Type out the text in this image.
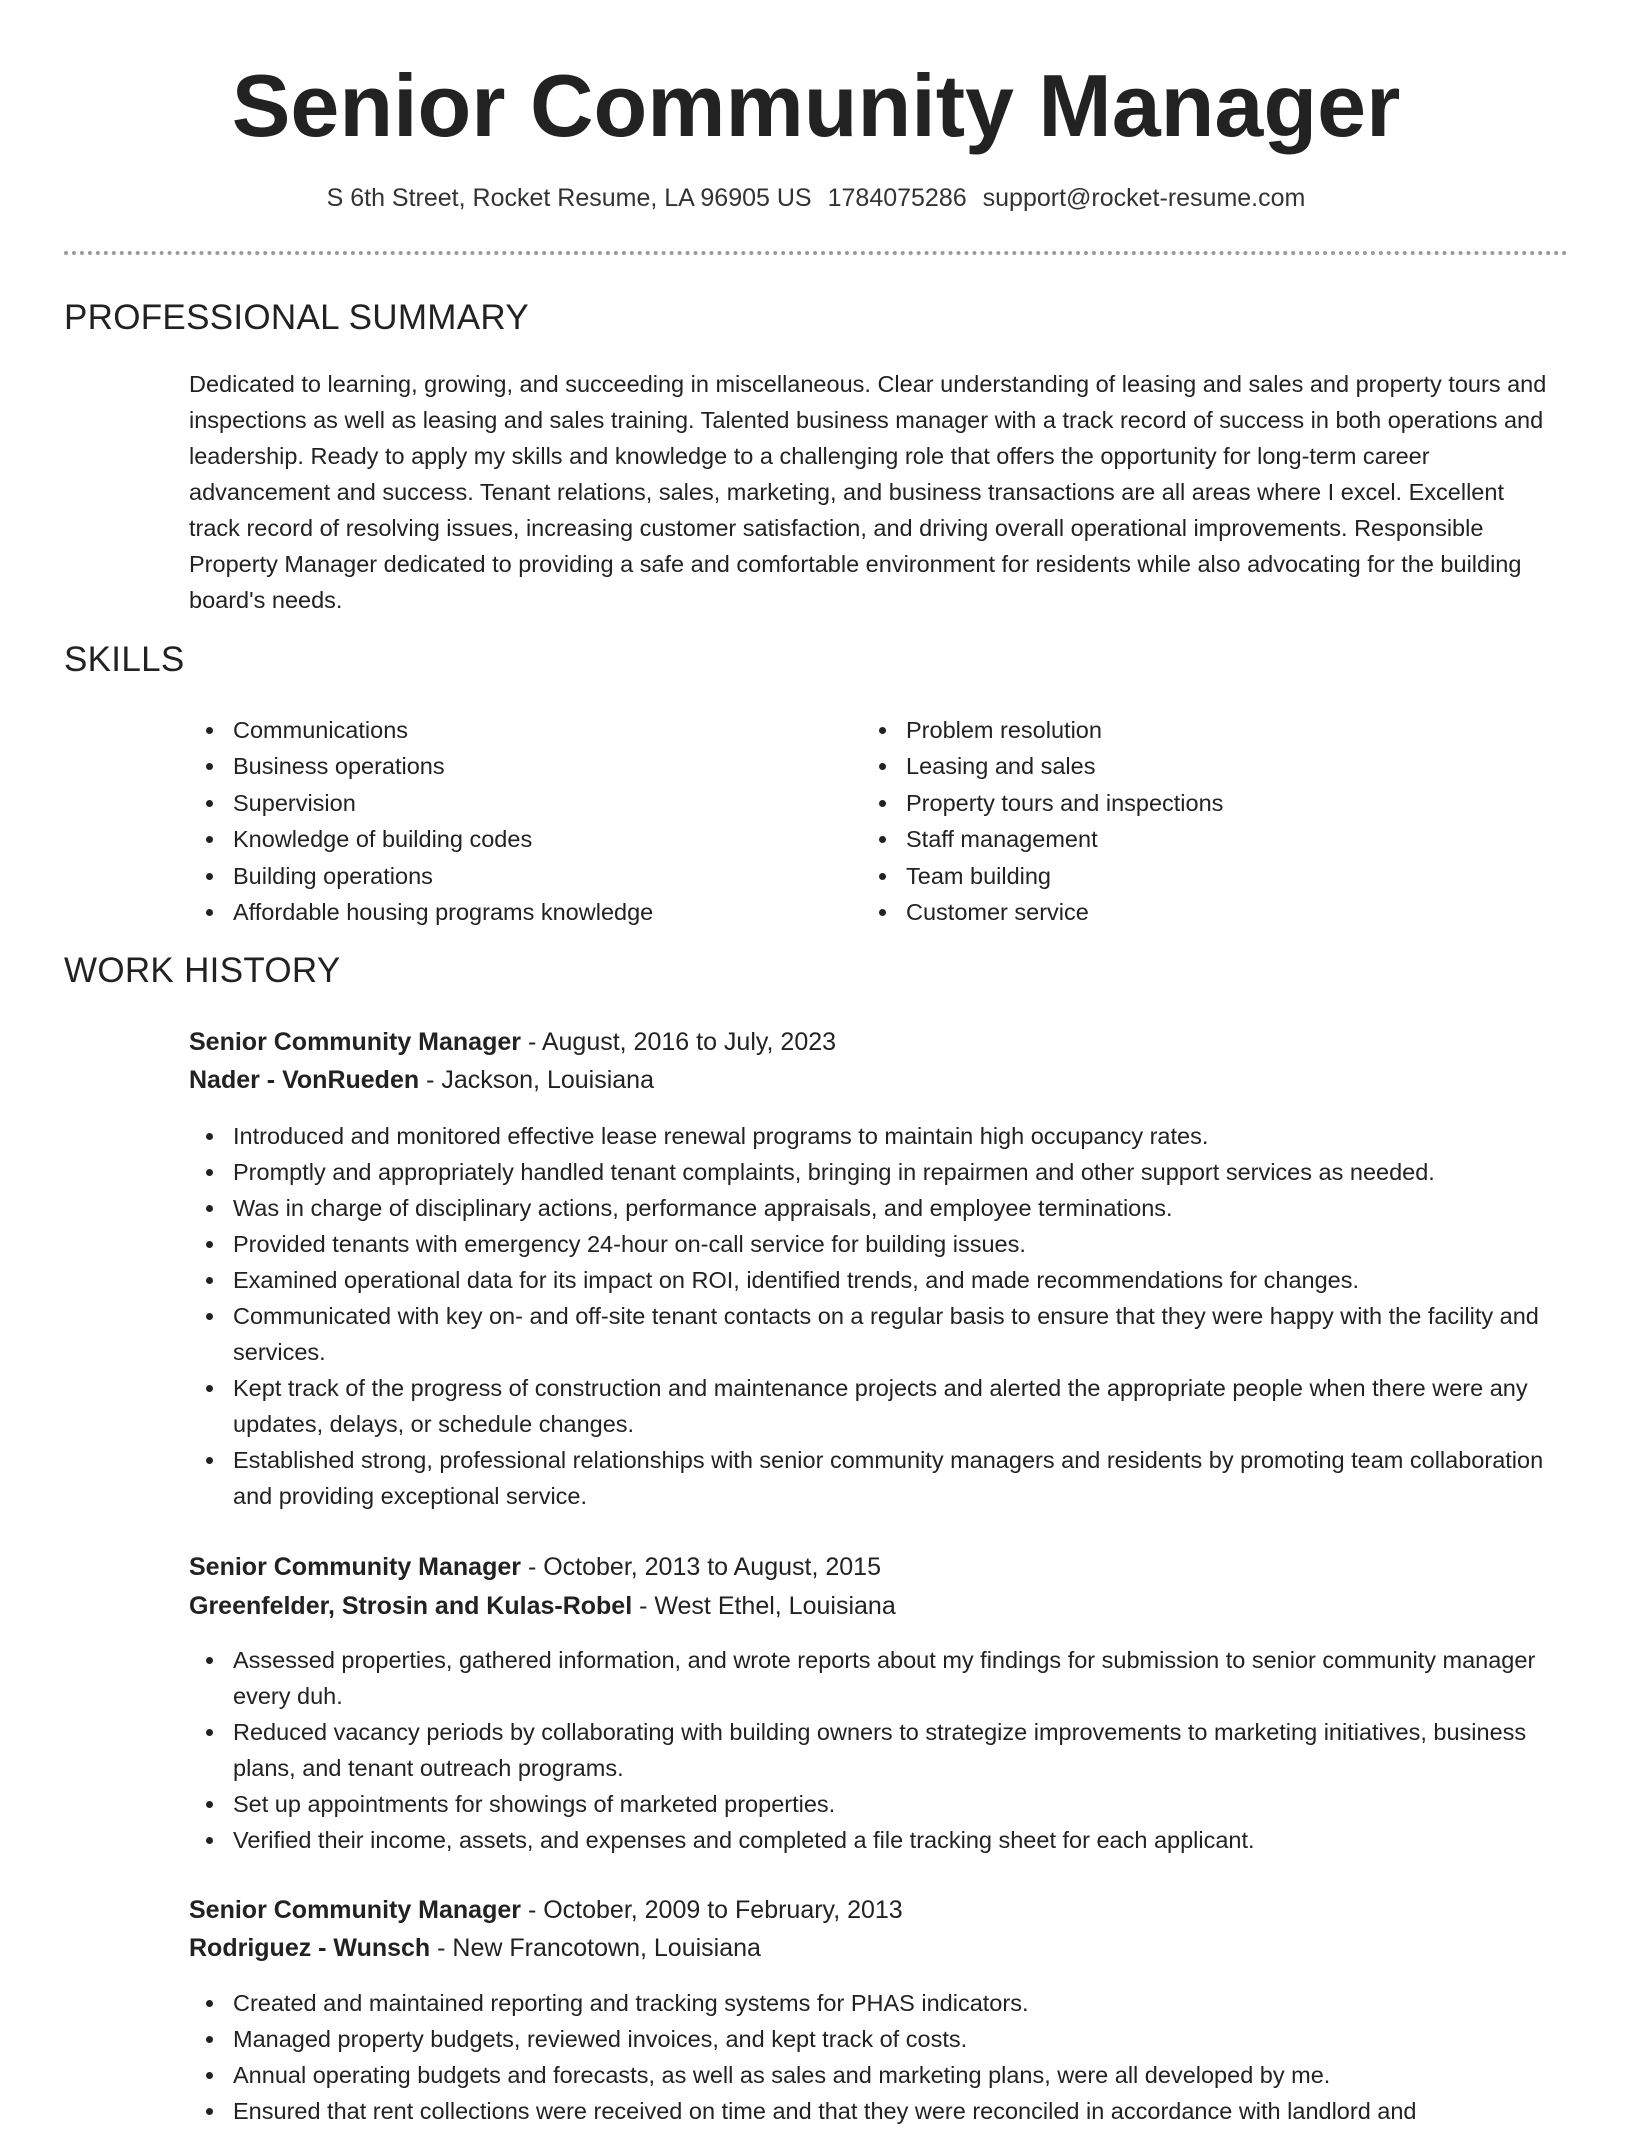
Senior Community Manager
S 6th Street, Rocket Resume, LA 96905 US 1784075286 support@rocket-resume.com
PROFESSIONAL SUMMARY

Dedicated to learning, growing, and succeeding in miscellaneous. Clear understanding of leasing and sales and property tours and inspections as well as leasing and sales training. Talented business manager with a track record of success in both operations and leadership. Ready to apply my skills and knowledge to a challenging role that offers the opportunity for long-term career advancement and success. Tenant relations, sales, marketing, and business transactions are all areas where I excel. Excellent track record of resolving issues, increasing customer satisfaction, and driving overall operational improvements. Responsible Property Manager dedicated to providing a safe and comfortable environment for residents while also advocating for the building board's needs.

SKILLS
Communications
Business operations
Supervision
Knowledge of building codes
Building operations
Affordable housing programs knowledge
Problem resolution
Leasing and sales
Property tours and inspections
Staff management
Team building
Customer service
WORK HISTORY
Senior Community Manager - August, 2016 to July, 2023
Nader - VonRueden - Jackson, Louisiana
Introduced and monitored effective lease renewal programs to maintain high occupancy rates.
Promptly and appropriately handled tenant complaints, bringing in repairmen and other support services as needed.
Was in charge of disciplinary actions, performance appraisals, and employee terminations.
Provided tenants with emergency 24-hour on-call service for building issues.
Examined operational data for its impact on ROI, identified trends, and made recommendations for changes.
Communicated with key on- and off-site tenant contacts on a regular basis to ensure that they were happy with the facility and services.
Kept track of the progress of construction and maintenance projects and alerted the appropriate people when there were any updates, delays, or schedule changes.
Established strong, professional relationships with senior community managers and residents by promoting team collaboration and providing exceptional service.
Senior Community Manager - October, 2013 to August, 2015
Greenfelder, Strosin and Kulas-Robel - West Ethel, Louisiana
Assessed properties, gathered information, and wrote reports about my findings for submission to senior community manager every duh.
Reduced vacancy periods by collaborating with building owners to strategize improvements to marketing initiatives, business plans, and tenant outreach programs.
Set up appointments for showings of marketed properties.
Verified their income, assets, and expenses and completed a file tracking sheet for each applicant.
Senior Community Manager - October, 2009 to February, 2013
Rodriguez - Wunsch - New Francotown, Louisiana
Created and maintained reporting and tracking systems for PHAS indicators.
Managed property budgets, reviewed invoices, and kept track of costs.
Annual operating budgets and forecasts, as well as sales and marketing plans, were all developed by me.
Ensured that rent collections were received on time and that they were reconciled in accordance with landlord and
